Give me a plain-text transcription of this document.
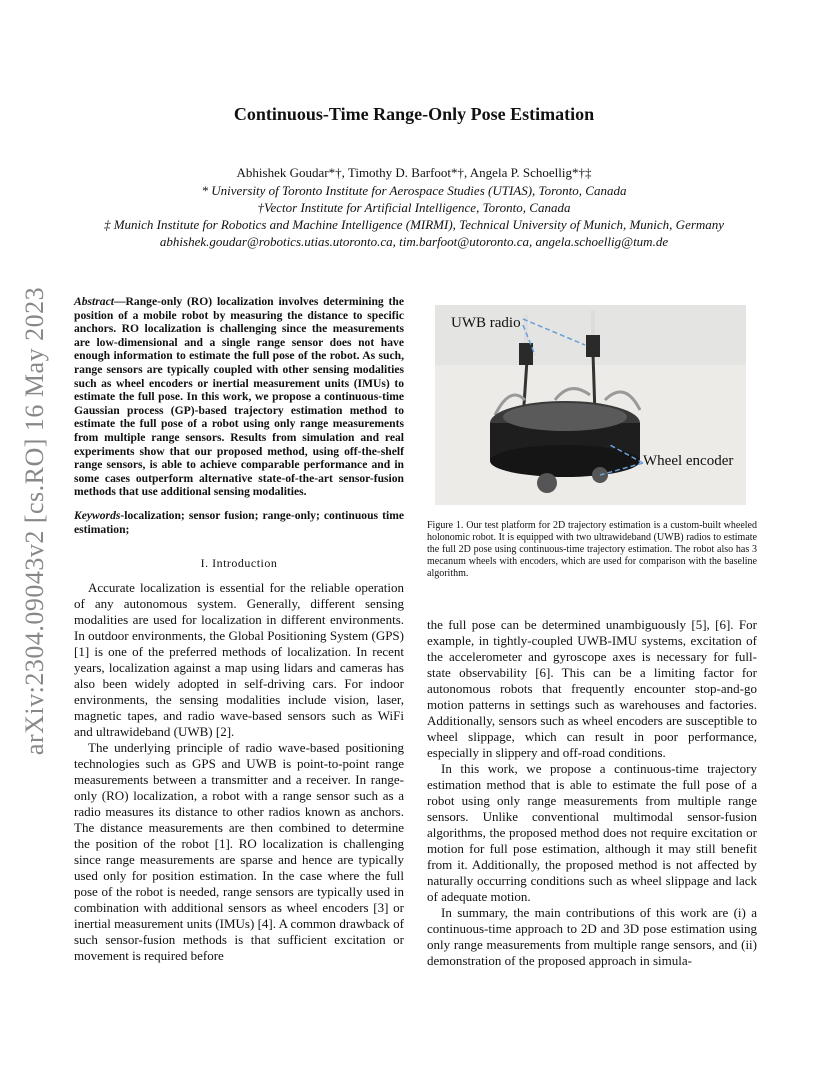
arXiv:2304.09043v2 [cs.RO] 16 May 2023
Continuous-Time Range-Only Pose Estimation
Abhishek Goudar*†, Timothy D. Barfoot*†, Angela P. Schoellig*†‡
* University of Toronto Institute for Aerospace Studies (UTIAS), Toronto, Canada
†Vector Institute for Artificial Intelligence, Toronto, Canada
‡ Munich Institute for Robotics and Machine Intelligence (MIRMI), Technical University of Munich, Munich, Germany
abhishek.goudar@robotics.utias.utoronto.ca, tim.barfoot@utoronto.ca, angela.schoellig@tum.de
Abstract—Range-only (RO) localization involves determining the position of a mobile robot by measuring the distance to specific anchors. RO localization is challenging since the measurements are low-dimensional and a single range sensor does not have enough information to estimate the full pose of the robot. As such, range sensors are typically coupled with other sensing modalities such as wheel encoders or inertial measurement units (IMUs) to estimate the full pose. In this work, we propose a continuous-time Gaussian process (GP)-based trajectory estimation method to estimate the full pose of a robot using only range measurements from multiple range sensors. Results from simulation and real experiments show that our proposed method, using off-the-shelf range sensors, is able to achieve comparable performance and in some cases outperform alternative state-of-the-art sensor-fusion methods that use additional sensing modalities.
Keywords-localization; sensor fusion; range-only; continuous time estimation;
I. Introduction

Accurate localization is essential for the reliable operation of any autonomous system. Generally, different sensing modalities are used for localization in different environments. In outdoor environments, the Global Positioning System (GPS) [1] is one of the preferred methods of localization. In recent years, localization against a map using lidars and cameras has also been widely adopted in self-driving cars. For indoor environments, the sensing modalities include vision, laser, magnetic tapes, and radio wave-based sensors such as WiFi and ultrawideband (UWB) [2].

The underlying principle of radio wave-based positioning technologies such as GPS and UWB is point-to-point range measurements between a transmitter and a receiver. In range-only (RO) localization, a robot with a range sensor such as a radio measures its distance to other radios known as anchors. The distance measurements are then combined to determine the position of the robot [1]. RO localization is challenging since range measurements are sparse and hence are typically used only for position estimation. In the case where the full pose of the robot is needed, range sensors are typically used in combination with additional sensors as wheel encoders [3] or inertial measurement units (IMUs) [4]. A common drawback of such sensor-fusion methods is that sufficient excitation or movement is required before

UWB radio
Wheel encoder
Figure 1. Our test platform for 2D trajectory estimation is a custom-built wheeled holonomic robot. It is equipped with two ultrawideband (UWB) radios to estimate the full 2D pose using continuous-time trajectory estimation. The robot also has 3 mecanum wheels with encoders, which are used for comparison with the baseline algorithm.

the full pose can be determined unambiguously [5], [6]. For example, in tightly-coupled UWB-IMU systems, excitation of the accelerometer and gyroscope axes is necessary for full-state observability [6]. This can be a limiting factor for autonomous robots that frequently encounter stop-and-go motion patterns in settings such as warehouses and factories. Additionally, sensors such as wheel encoders are susceptible to wheel slippage, which can result in poor performance, especially in slippery and off-road conditions.

In this work, we propose a continuous-time trajectory estimation method that is able to estimate the full pose of a robot using only range measurements from multiple range sensors. Unlike conventional multimodal sensor-fusion algorithms, the proposed method does not require excitation or motion for full pose estimation, although it may still benefit from it. Additionally, the proposed method is not affected by naturally occurring conditions such as wheel slippage and lack of adequate motion.

In summary, the main contributions of this work are (i) a continuous-time approach to 2D and 3D pose estimation using only range measurements from multiple range sensors, and (ii) demonstration of the proposed approach in simula-
